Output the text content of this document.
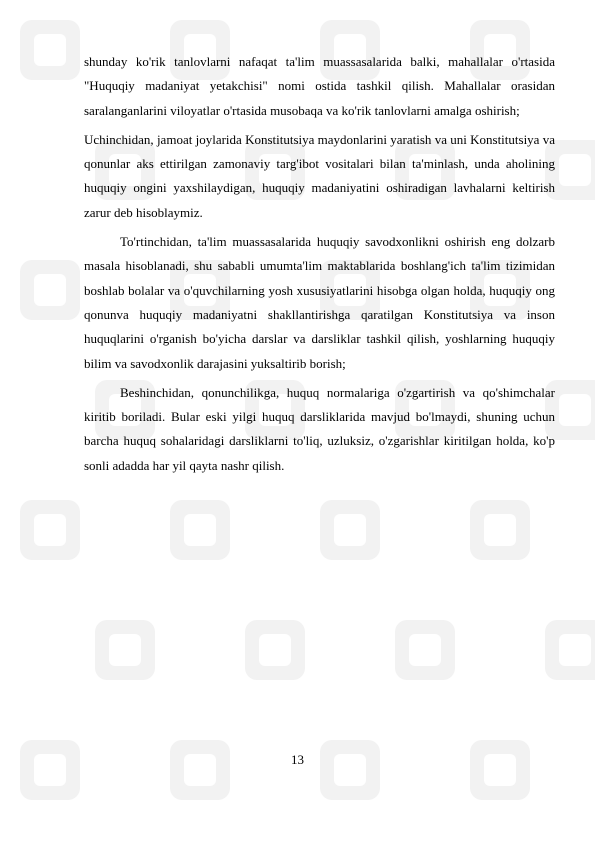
shunday ko'rik tanlovlarni nafaqat ta'lim muassasalarida balki, mahallalar o'rtasida "Huquqiy madaniyat yetakchisi" nomi ostida tashkil qilish. Mahallalar orasidan saralanganlarini viloyatlar o'rtasida musobaqa va ko'rik tanlovlarni amalga oshirish;

Uchinchidan, jamoat joylarida Konstitutsiya maydonlarini yaratish va uni Konstitutsiya va qonunlar aks ettirilgan zamonaviy targ'ibot vositalari bilan ta'minlash, unda aholining huquqiy ongini yaxshilaydigan, huquqiy madaniyatini oshiradigan lavhalarni keltirish zarur deb hisoblaymiz.

To'rtinchidan, ta'lim muassasalarida huquqiy savodxonlikni oshirish eng dolzarb masala hisoblanadi, shu sababli umumta'lim maktablarida boshlang'ich ta'lim tizimidan boshlab bolalar va o'quvchilarning yosh xususiyatlarini hisobga olgan holda, huquqiy ong qonunva huquqiy madaniyatni shakllantirishga qaratilgan Konstitutsiya va inson huquqlarini o'rganish bo'yicha darslar va darsliklar tashkil qilish, yoshlarning huquqiy bilim va savodxonlik darajasini yuksaltirib borish;

Beshinchidan, qonunchilikga, huquq normalariga o'zgartirish va qo'shimchalar kiritib boriladi. Bular eski yilgi huquq darsliklarida mavjud bo'lmaydi, shuning uchun barcha huquq sohalaridagi darsliklarni to'liq, uzluksiz, o'zgarishlar kiritilgan holda, ko'p sonli adadda har yil qayta nashr qilish.

13
